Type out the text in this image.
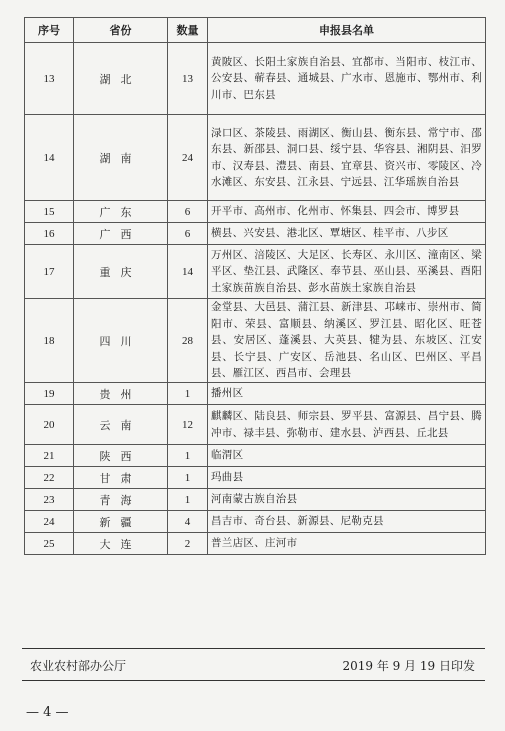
序号	省份	数量	申报县名单
13	湖北	13	黄陂区、长阳土家族自治县、宜都市、当阳市、枝江市、公安县、蕲春县、通城县、广水市、恩施市、鄂州市、利川市、巴东县
14	湖南	24	渌口区、茶陵县、雨湖区、衡山县、衡东县、常宁市、邵东县、新邵县、洞口县、绥宁县、华容县、湘阴县、汨罗市、汉寿县、澧县、南县、宜章县、资兴市、零陵区、冷水滩区、东安县、江永县、宁远县、江华瑶族自治县
15	广东	6	开平市、高州市、化州市、怀集县、四会市、博罗县
16	广西	6	横县、兴安县、港北区、覃塘区、桂平市、八步区
17	重庆	14	万州区、涪陵区、大足区、长寿区、永川区、潼南区、梁平区、垫江县、武隆区、奉节县、巫山县、巫溪县、酉阳土家族苗族自治县、彭水苗族土家族自治县
18	四川	28	金堂县、大邑县、蒲江县、新津县、邛崃市、崇州市、简阳市、荣县、富顺县、纳溪区、罗江县、昭化区、旺苍县、安居区、蓬溪县、大英县、犍为县、东坡区、江安县、长宁县、广安区、岳池县、名山区、巴州区、平昌县、雁江区、西昌市、会理县
19	贵州	1	播州区
20	云南	12	麒麟区、陆良县、师宗县、罗平县、富源县、昌宁县、腾冲市、禄丰县、弥勒市、建水县、泸西县、丘北县
21	陕西	1	临渭区
22	甘肃	1	玛曲县
23	青海	1	河南蒙古族自治县
24	新疆	4	昌吉市、奇台县、新源县、尼勒克县
25	大连	2	普兰店区、庄河市
农业农村部办公厅	2019 年 9 月 19 日印发
— 4 —
